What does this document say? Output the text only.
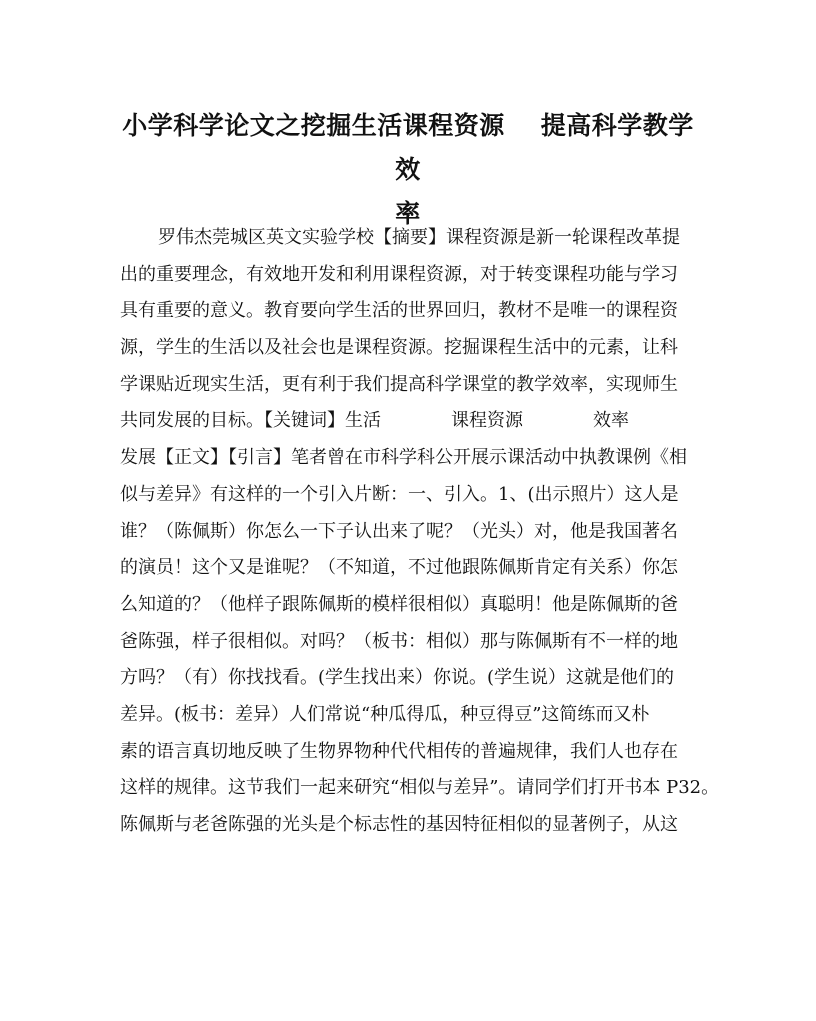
小学科学论文之挖掘生活课程资源 提高科学教学效
率
罗伟杰莞城区英文实验学校【摘要】课程资源是新一轮课程改革提
出的重要理念，有效地开发和利用课程资源，对于转变课程功能与学习
具有重要的意义。教育要向学生活的世界回归，教材不是唯一的课程资
源，学生的生活以及社会也是课程资源。挖掘课程生活中的元素，让科
学课贴近现实生活，更有利于我们提高科学课堂的教学效率，实现师生
共同发展的目标。【关键词】生活	课程资源	效率
发展【正文】【引言】笔者曾在市科学科公开展示课活动中执教课例《相
似与差异》有这样的一个引入片断：一、引入。1、(出示照片）这人是
谁？（陈佩斯）你怎么一下子认出来了呢？（光头）对，他是我国著名
的演员！这个又是谁呢？（不知道，不过他跟陈佩斯肯定有关系）你怎
么知道的？（他样子跟陈佩斯的模样很相似）真聪明！他是陈佩斯的爸
爸陈强，样子很相似。对吗？（板书：相似）那与陈佩斯有不一样的地
方吗？（有）你找找看。(学生找出来）你说。(学生说）这就是他们的
差异。(板书：差异）人们常说“种瓜得瓜，种豆得豆”这简练而又朴
素的语言真切地反映了生物界物种代代相传的普遍规律，我们人也存在
这样的规律。这节我们一起来研究“相似与差异”。请同学们打开书本 P32。
陈佩斯与老爸陈强的光头是个标志性的基因特征相似的显著例子，从这
